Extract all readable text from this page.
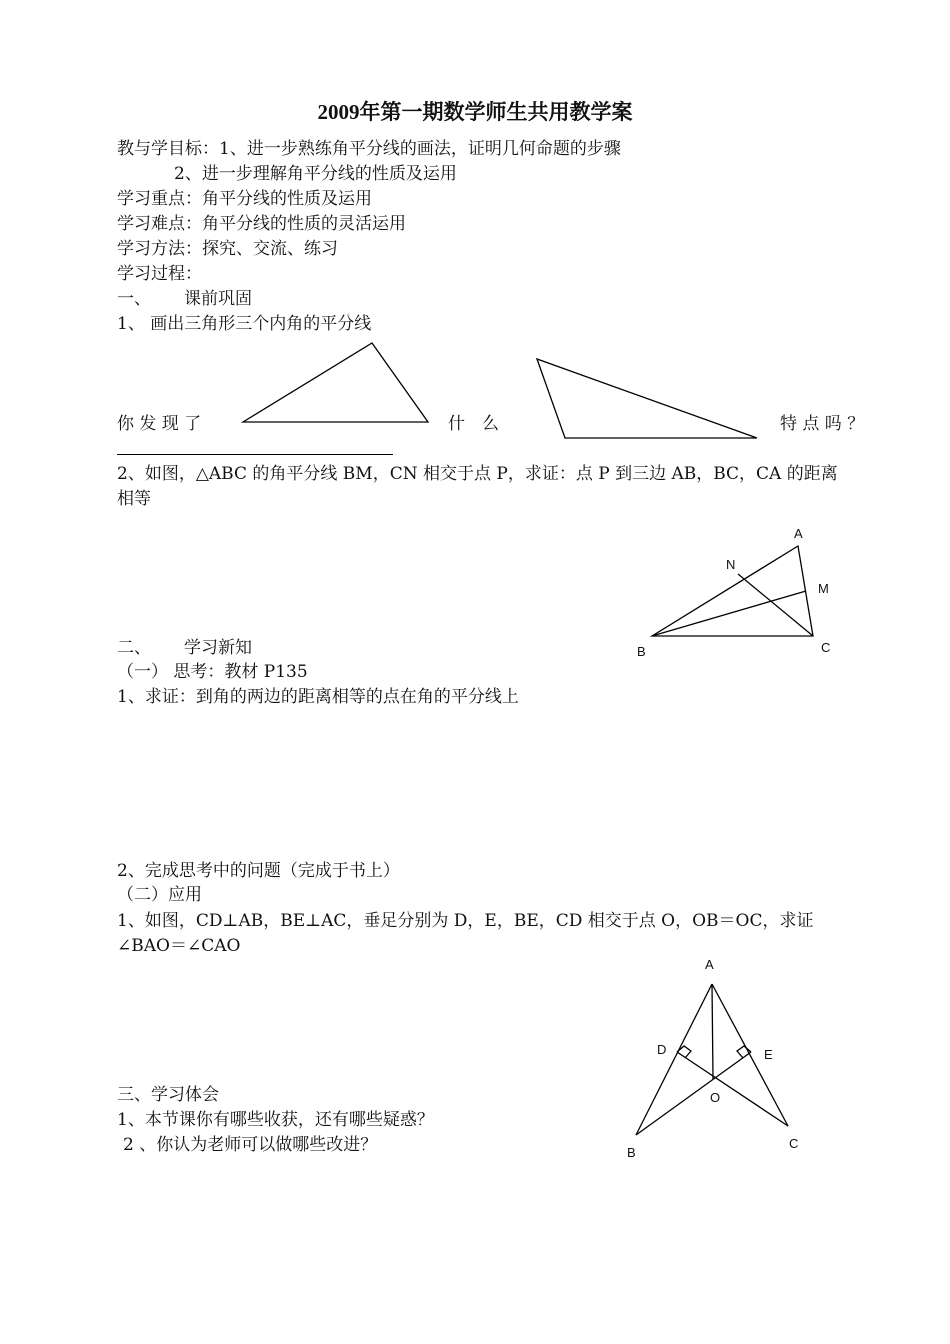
2009年第一期数学师生共用教学案
教与学目标：1、进一步熟练角平分线的画法，证明几何命题的步骤
2、进一步理解角平分线的性质及运用
学习重点：角平分线的性质及运用
学习难点：角平分线的性质的灵活运用
学习方法：探究、交流、练习
学习过程：
一、 课前巩固
1、 画出三角形三个内角的平分线
你 发 现 了	什　么	特 点 吗 ？
2、如图，△ABC 的角平分线 BM，CN 相交于点 P，求证：点 P 到三边 AB，BC，CA 的距离
相等
二、 学习新知
（一） 思考：教材 P135
1、求证：到角的两边的距离相等的点在角的平分线上
2、完成思考中的问题（完成于书上）
（二）应用
1、如图，CD⊥AB，BE⊥AC，垂足分别为 D，E，BE，CD 相交于点 O，OB＝OC，求证
∠BAO＝∠CAO
三、学习体会
1、本节课你有哪些收获，还有哪些疑惑？
2 、你认为老师可以做哪些改进？
A
N
M
B	C
A
D	E
O
B
C
